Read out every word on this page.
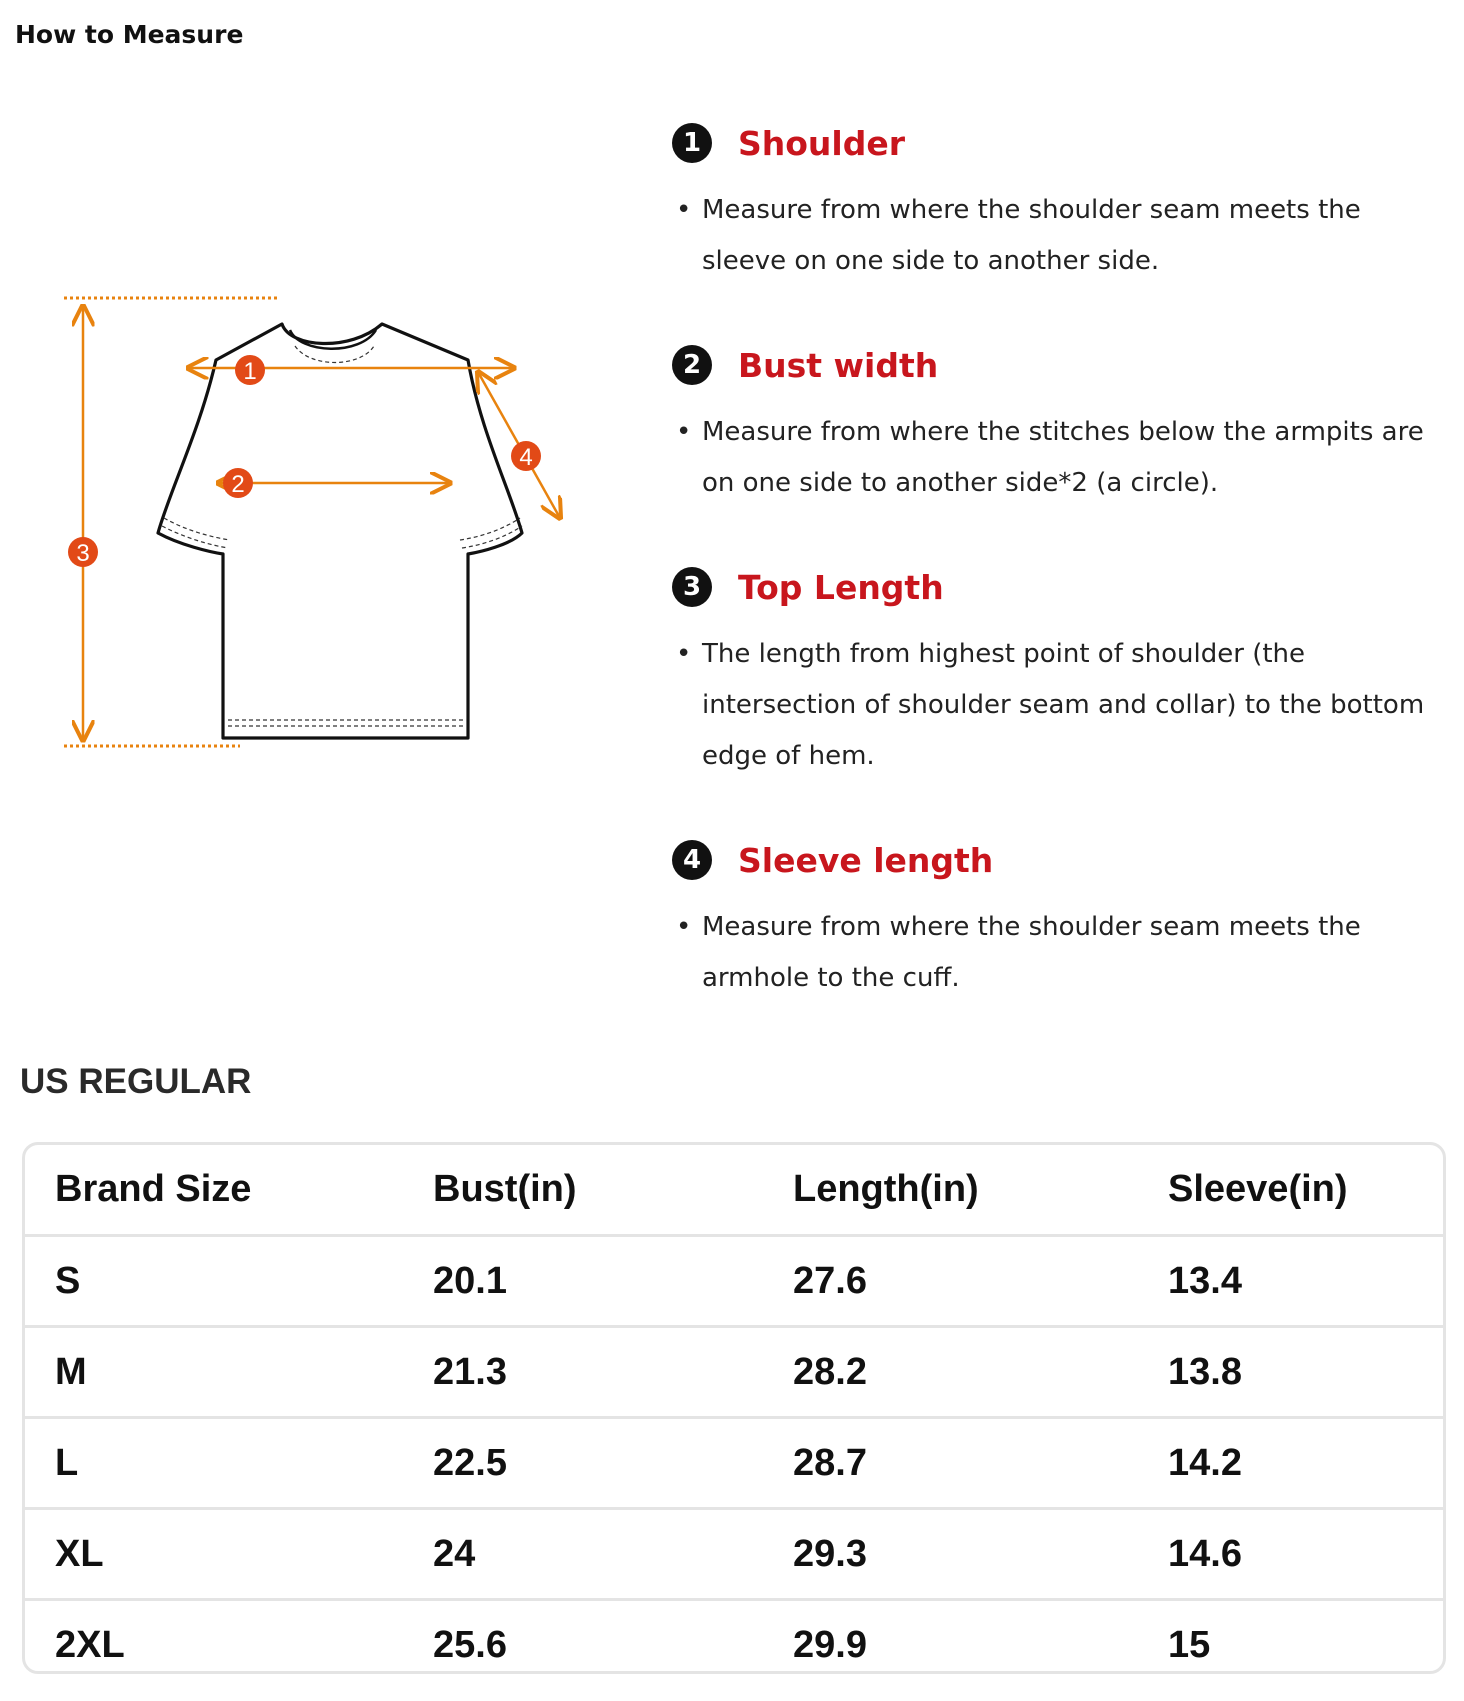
How to Measure
1
2
3
4
1	Shoulder
• Measure from where the shoulder seam meets the
sleeve on one side to another side.
2	Bust width
• Measure from where the stitches below the armpits are
on one side to another side*2 (a circle).
3	Top Length
• The length from highest point of shoulder (the
intersection of shoulder seam and collar) to the bottom
edge of hem.
4	Sleeve length
• Measure from where the shoulder seam meets the
armhole to the cuff.
US REGULAR
Brand Size	Bust(in)	Length(in)	Sleeve(in)
S	20.1	27.6	13.4
M	21.3	28.2	13.8
L	22.5	28.7	14.2
XL	24	29.3	14.6
2XL	25.6	29.9	15
